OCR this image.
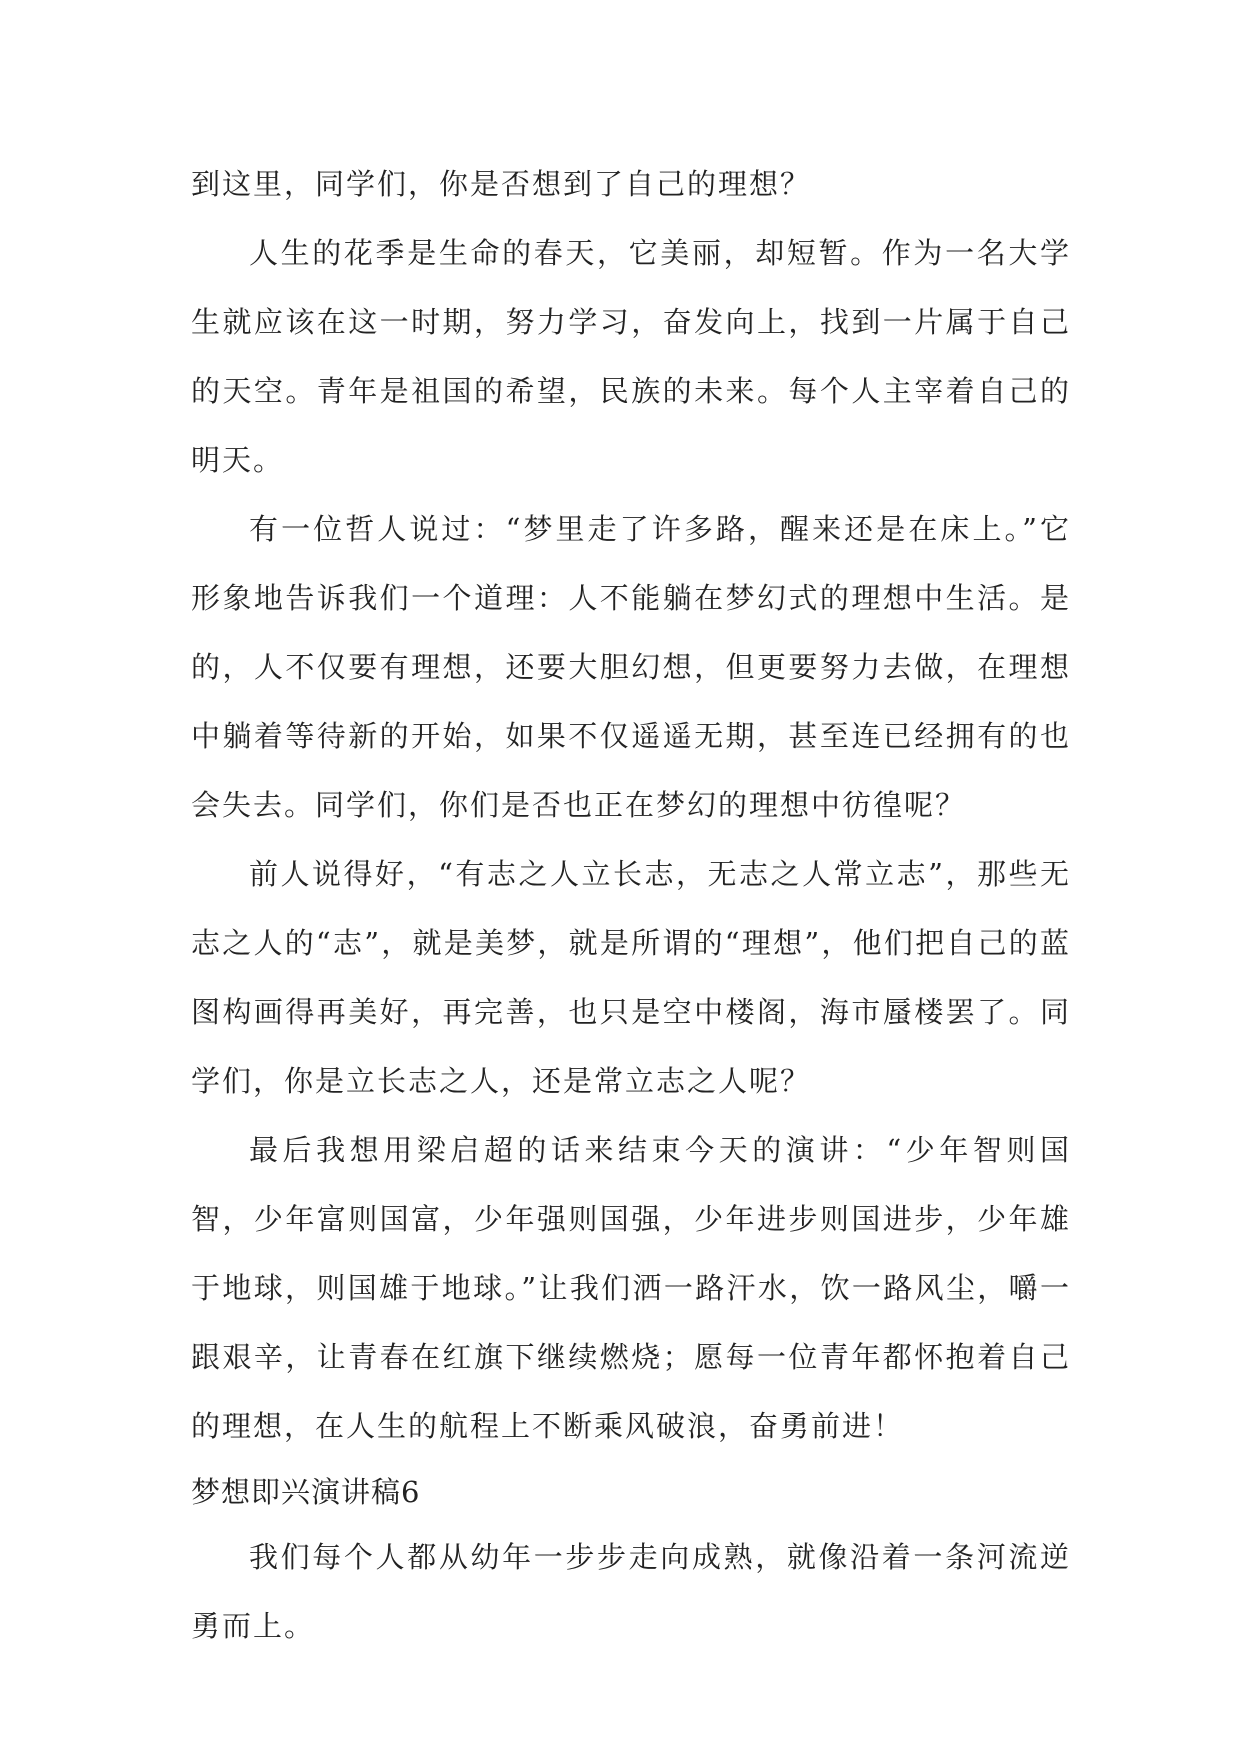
到这里，同学们，你是否想到了自己的理想？

人生的花季是生命的春天，它美丽，却短暂。作为一名大学生就应该在这一时期，努力学习，奋发向上，找到一片属于自己的天空。青年是祖国的希望，民族的未来。每个人主宰着自己的明天。

有一位哲人说过：“梦里走了许多路，醒来还是在床上。”它形象地告诉我们一个道理：人不能躺在梦幻式的理想中生活。是的，人不仅要有理想，还要大胆幻想，但更要努力去做，在理想中躺着等待新的开始，如果不仅遥遥无期，甚至连已经拥有的也会失去。同学们，你们是否也正在梦幻的理想中彷徨呢？

前人说得好，“有志之人立长志，无志之人常立志”，那些无志之人的“志”，就是美梦，就是所谓的“理想”，他们把自己的蓝图构画得再美好，再完善，也只是空中楼阁，海市蜃楼罢了。同学们，你是立长志之人，还是常立志之人呢？

最后我想用梁启超的话来结束今天的演讲：“少年智则国智，少年富则国富，少年强则国强，少年进步则国进步，少年雄于地球，则国雄于地球。”让我们洒一路汗水，饮一路风尘，嚼一跟艰辛，让青春在红旗下继续燃烧；愿每一位青年都怀抱着自己的理想，在人生的航程上不断乘风破浪，奋勇前进！

梦想即兴演讲稿6

我们每个人都从幼年一步步走向成熟，就像沿着一条河流逆勇而上。
